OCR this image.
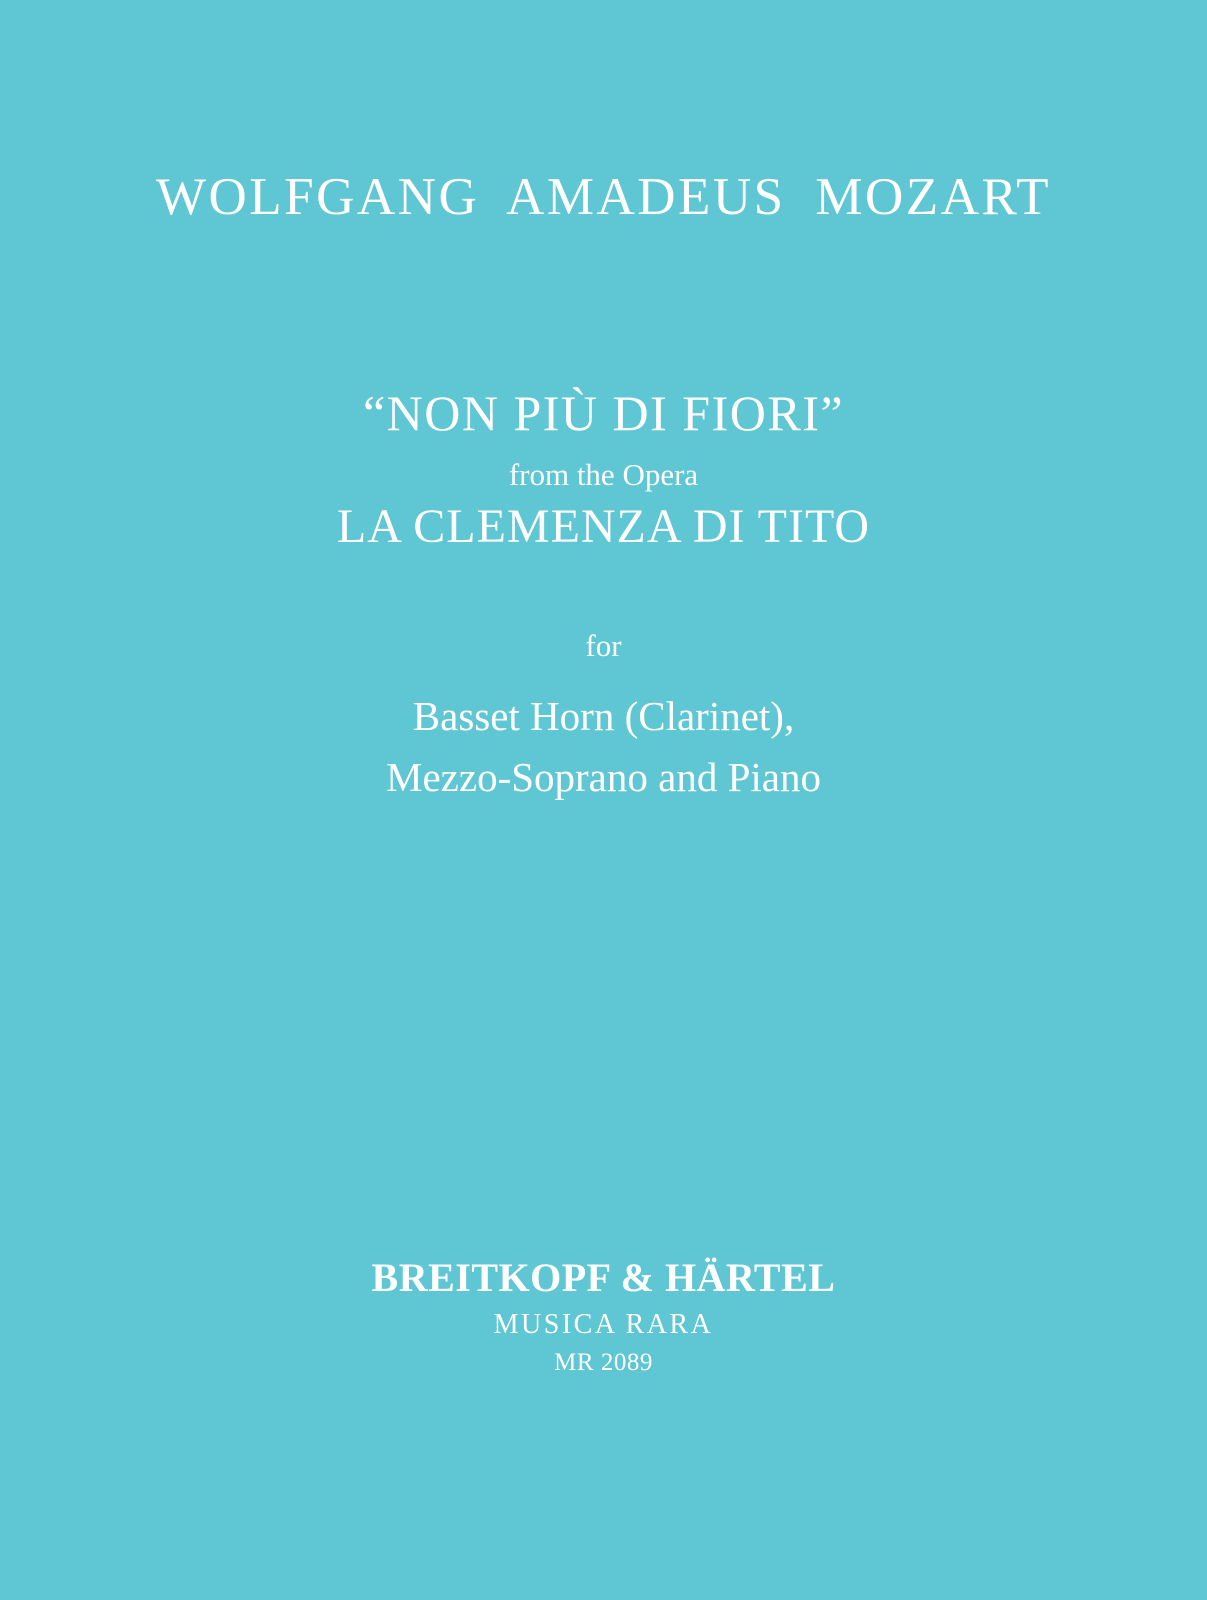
WOLFGANG AMADEUS MOZART
“NON PIÙ DI FIORI”
from the Opera
LA CLEMENZA DI TITO
for
Basset Horn (Clarinet),
Mezzo-Soprano and Piano
BREITKOPF & HÄRTEL
MUSICA RARA
MR 2089
